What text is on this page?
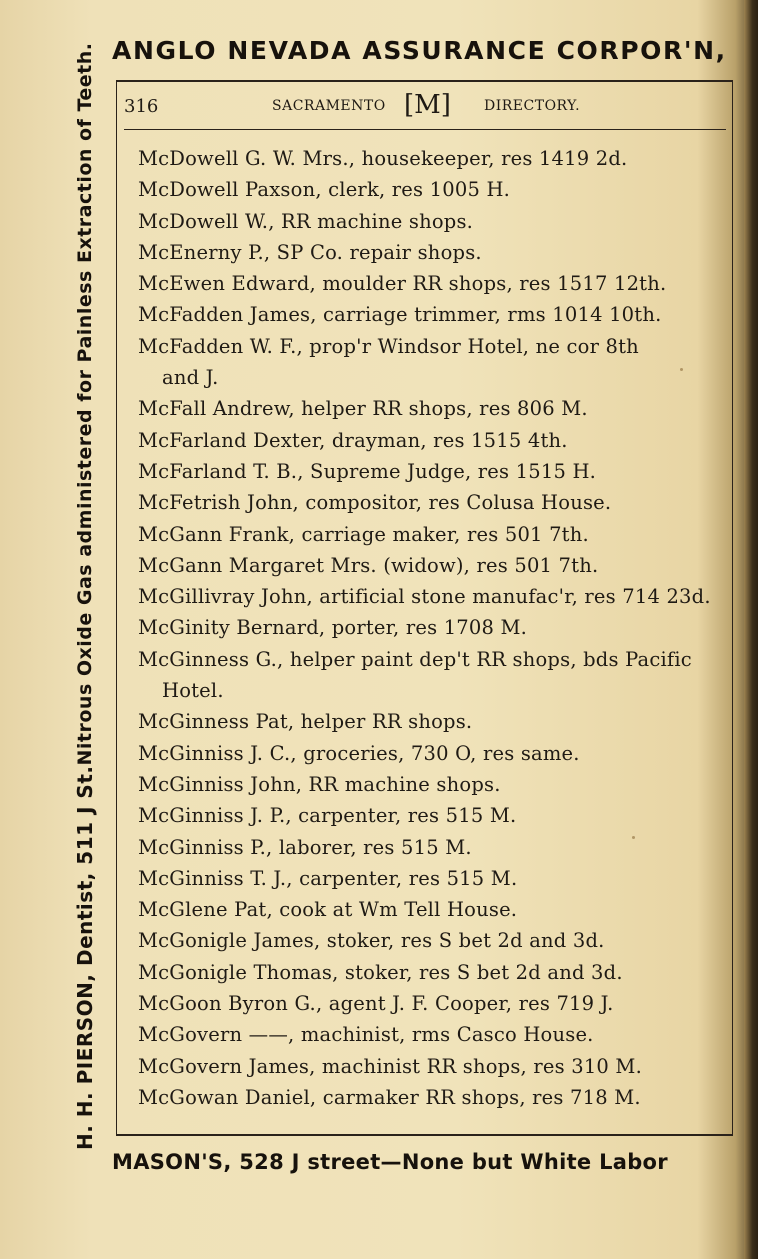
ANGLO NEVADA ASSURANCE CORPOR'N,
H. H. PIERSON, Dentist, 511 J St.
Nitrous Oxide Gas administered for Painless Extraction of Teeth. 316	SACRAMENTO [M] DIRECTORY.
McDowell G. W. Mrs., housekeeper, res 1419 2d.
McDowell Paxson, clerk, res 1005 H.
McDowell W., RR machine shops.
McEnerny P., SP Co. repair shops.
McEwen Edward, moulder RR shops, res 1517 12th.
McFadden James, carriage trimmer, rms 1014 10th.
McFadden W. F., prop'r Windsor Hotel, ne cor 8th
and J.
McFall Andrew, helper RR shops, res 806 M.
McFarland Dexter, drayman, res 1515 4th.
McFarland T. B., Supreme Judge, res 1515 H.
McFetrish John, compositor, res Colusa House.
McGann Frank, carriage maker, res 501 7th.
McGann Margaret Mrs. (widow), res 501 7th.
McGillivray John, artificial stone manufac'r, res 714 23d.
McGinity Bernard, porter, res 1708 M.
McGinness G., helper paint dep't RR shops, bds Pacific
Hotel.
McGinness Pat, helper RR shops.
McGinniss J. C., groceries, 730 O, res same.
McGinniss John, RR machine shops.
McGinniss J. P., carpenter, res 515 M.
McGinniss P., laborer, res 515 M.
McGinniss T. J., carpenter, res 515 M.
McGlene Pat, cook at Wm Tell House.
McGonigle James, stoker, res S bet 2d and 3d.
McGonigle Thomas, stoker, res S bet 2d and 3d.
McGoon Byron G., agent J. F. Cooper, res 719 J.
McGovern ——, machinist, rms Casco House.
McGovern James, machinist RR shops, res 310 M.
McGowan Daniel, carmaker RR shops, res 718 M.
MASON'S, 528 J street—None but White Labor
